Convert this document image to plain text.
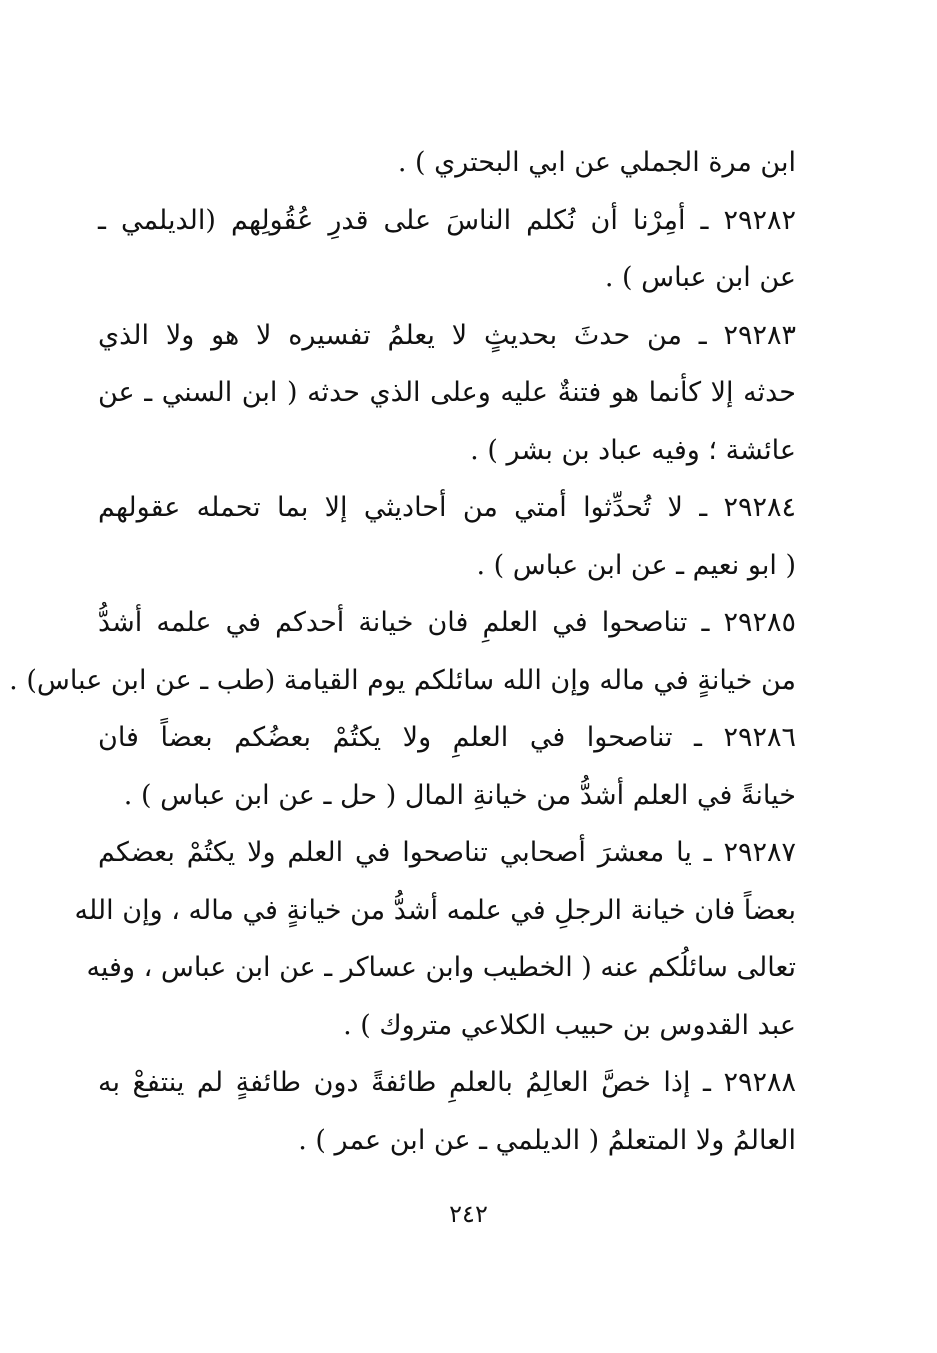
ابن مرة الجملي عن ابي البحتري ) .
٢٩٢٨٢ ـ أمِرْنا أن نُكلم الناسَ على قدرِ عُقُولِهم (الديلمي ـ
عن ابن عباس ) .
٢٩٢٨٣ ـ من حدثَ بحديثٍ لا يعلمُ تفسيره لا هو ولا الذي
حدثه إلا كأنما هو فتنةٌ عليه وعلى الذي حدثه ( ابن السني ـ عن
عائشة ؛ وفيه عباد بن بشر ) .
٢٩٢٨٤ ـ لا تُحدِّثوا أمتي من أحاديثي إلا بما تحمله عقولهم
( ابو نعيم ـ عن ابن عباس ) .
٢٩٢٨٥ ـ تناصحوا في العلمِ فان خيانة أحدكم في علمه أشدُّ
من خيانةٍ في ماله وإن الله سائلكم يوم القيامة (طب ـ عن ابن عباس) .
٢٩٢٨٦ ـ تناصحوا في العلمِ ولا يكتُمْ بعضُكم بعضاً فان
خيانةً في العلم أشدُّ من خيانةِ المال ( حل ـ عن ابن عباس ) .
٢٩٢٨٧ ـ يا معشرَ أصحابي تناصحوا في العلم ولا يكتُمْ بعضكم
بعضاً فان خيانة الرجلِ في علمه أشدُّ من خيانةٍ في ماله ، وإن الله
تعالى سائلُكم عنه ( الخطيب وابن عساكر ـ عن ابن عباس ، وفيه
عبد القدوس بن حبيب الكلاعي متروك ) .
٢٩٢٨٨ ـ إذا خصَّ العالِمُ بالعلمِ طائفةً دون طائفةٍ لم ينتفعْ به
العالمُ ولا المتعلمُ ( الديلمي ـ عن ابن عمر ) .
٢٤٢
